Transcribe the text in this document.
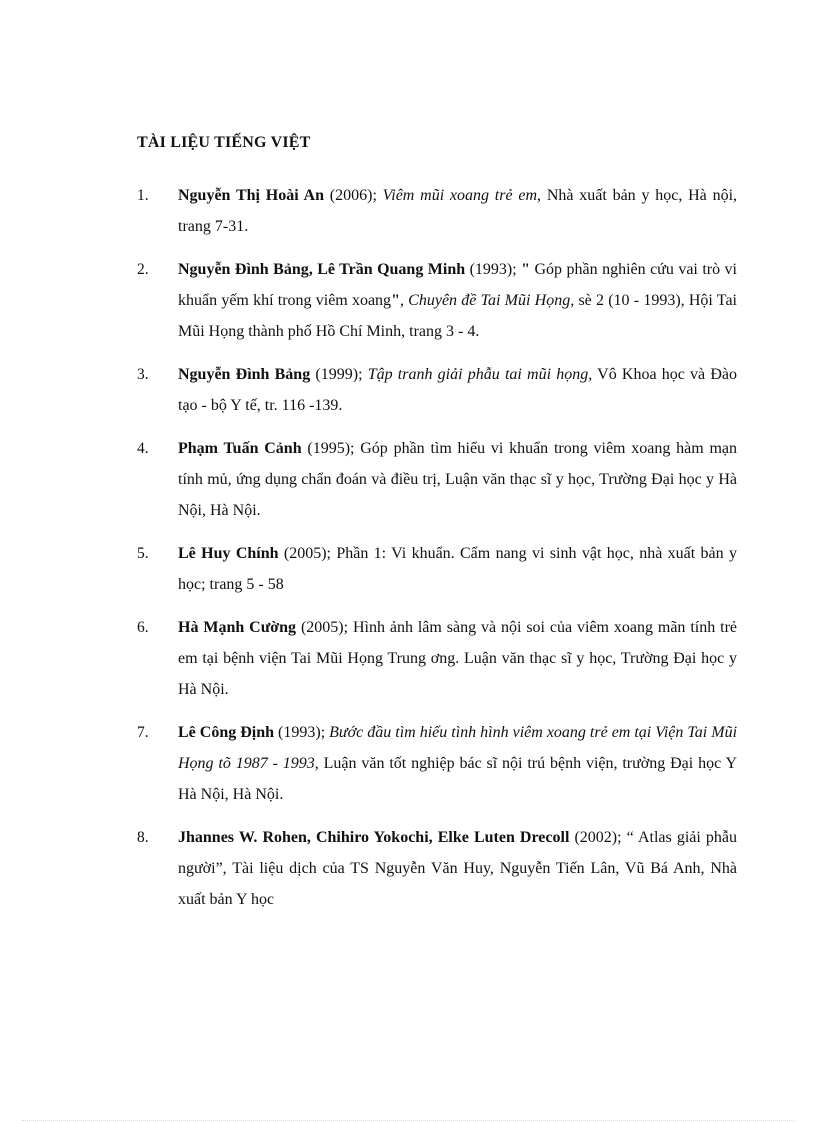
TÀI LIỆU TIẾNG VIỆT
1. Nguyễn Thị Hoài An (2006); Viêm mũi xoang trẻ em, Nhà xuất bản y học, Hà nội, trang 7-31.
2. Nguyễn Đình Bảng, Lê Trần Quang Minh (1993); " Góp phần nghiên cứu vai trò vi khuẩn yếm khí trong viêm xoang", Chuyên đề Tai Mũi Họng, sè 2 (10 - 1993), Hội Tai Mũi Họng thành phố Hồ Chí Minh, trang 3 - 4.
3. Nguyễn Đình Bảng (1999); Tập tranh giải phẫu tai mũi họng, Vô Khoa học và Đào tạo - bộ Y tế, tr. 116 -139.
4. Phạm Tuấn Cảnh (1995); Góp phần tìm hiểu vi khuẩn trong viêm xoang hàm mạn tính mủ, ứng dụng chẩn đoán và điều trị, Luận văn thạc sĩ y học, Trường Đại học y Hà Nội, Hà Nội.
5. Lê Huy Chính (2005); Phần 1: Vi khuẩn. Cẩm nang vi sinh vật học, nhà xuất bản y học; trang 5 - 58
6. Hà Mạnh Cường (2005); Hình ảnh lâm sàng và nội soi của viêm xoang mãn tính trẻ em tại bệnh viện Tai Mũi Họng Trung ơng. Luận văn thạc sĩ y học, Trường Đại học y Hà Nội.
7. Lê Công Định (1993); Bước đầu tìm hiểu tình hình viêm xoang trẻ em tại Viện Tai Mũi Họng tõ 1987 - 1993, Luận văn tốt nghiệp bác sĩ nội trú bệnh viện, trường Đại học Y Hà Nội, Hà Nội.
8. Jhannes W. Rohen, Chihiro Yokochi, Elke Luten Drecoll (2002); “ Atlas giải phẫu người”, Tài liệu dịch của TS Nguyễn Văn Huy, Nguyễn Tiến Lân, Vũ Bá Anh, Nhà xuất bản Y học
